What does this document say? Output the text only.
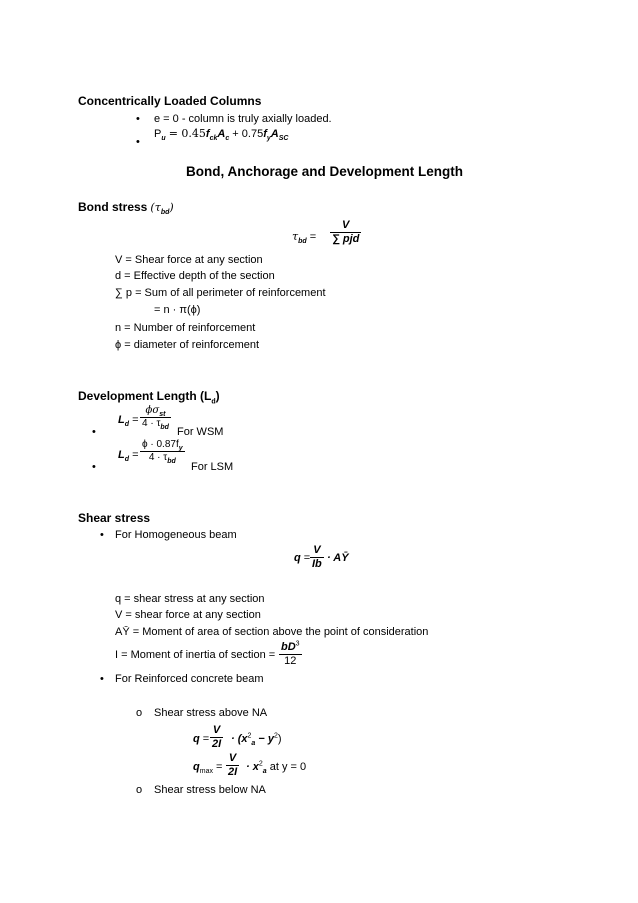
Concentrically Loaded Columns
• e = 0 - column is truly axially loaded.
•
$P_u = 0.45f_{ck}A_c + 0.75f_yA_{SC}$
Bond, Anchorage and Development Length
Bond stress $(\tau_{bd})$
$\tau_{bd}$ =
V
∑ pjd
V = Shear force at any section
d = Effective depth of the section
∑ p = Sum of all perimeter of reinforcement
= n · π(ϕ)
n = Number of reinforcement
ϕ = diameter of reinforcement
Development Length $(L_d)$
•
$L_d$ =
$\phi\sigma_{st}$
$4 \cdot \tau_{bd}$ For WSM
•
$L_d$ =
$\phi \cdot 0.87f_y$
$4 \cdot \tau_{bd}$	For LSM
Shear stress
• For Homogeneous beam
q =
V
Ib · AȲ
q = shear stress at any section
V = shear force at any section
AȲ = Moment of area of section above the point of consideration
I = Moment of inertia of section =
$bD^3$
12
• For Reinforced concrete beam
o Shear stress above NA
q =
V
$2I \cdot (x^2_a - y^2)$
$q_{max}$ =
V
$2I \cdot x^2_a$ at y = 0
o Shear stress below NA
